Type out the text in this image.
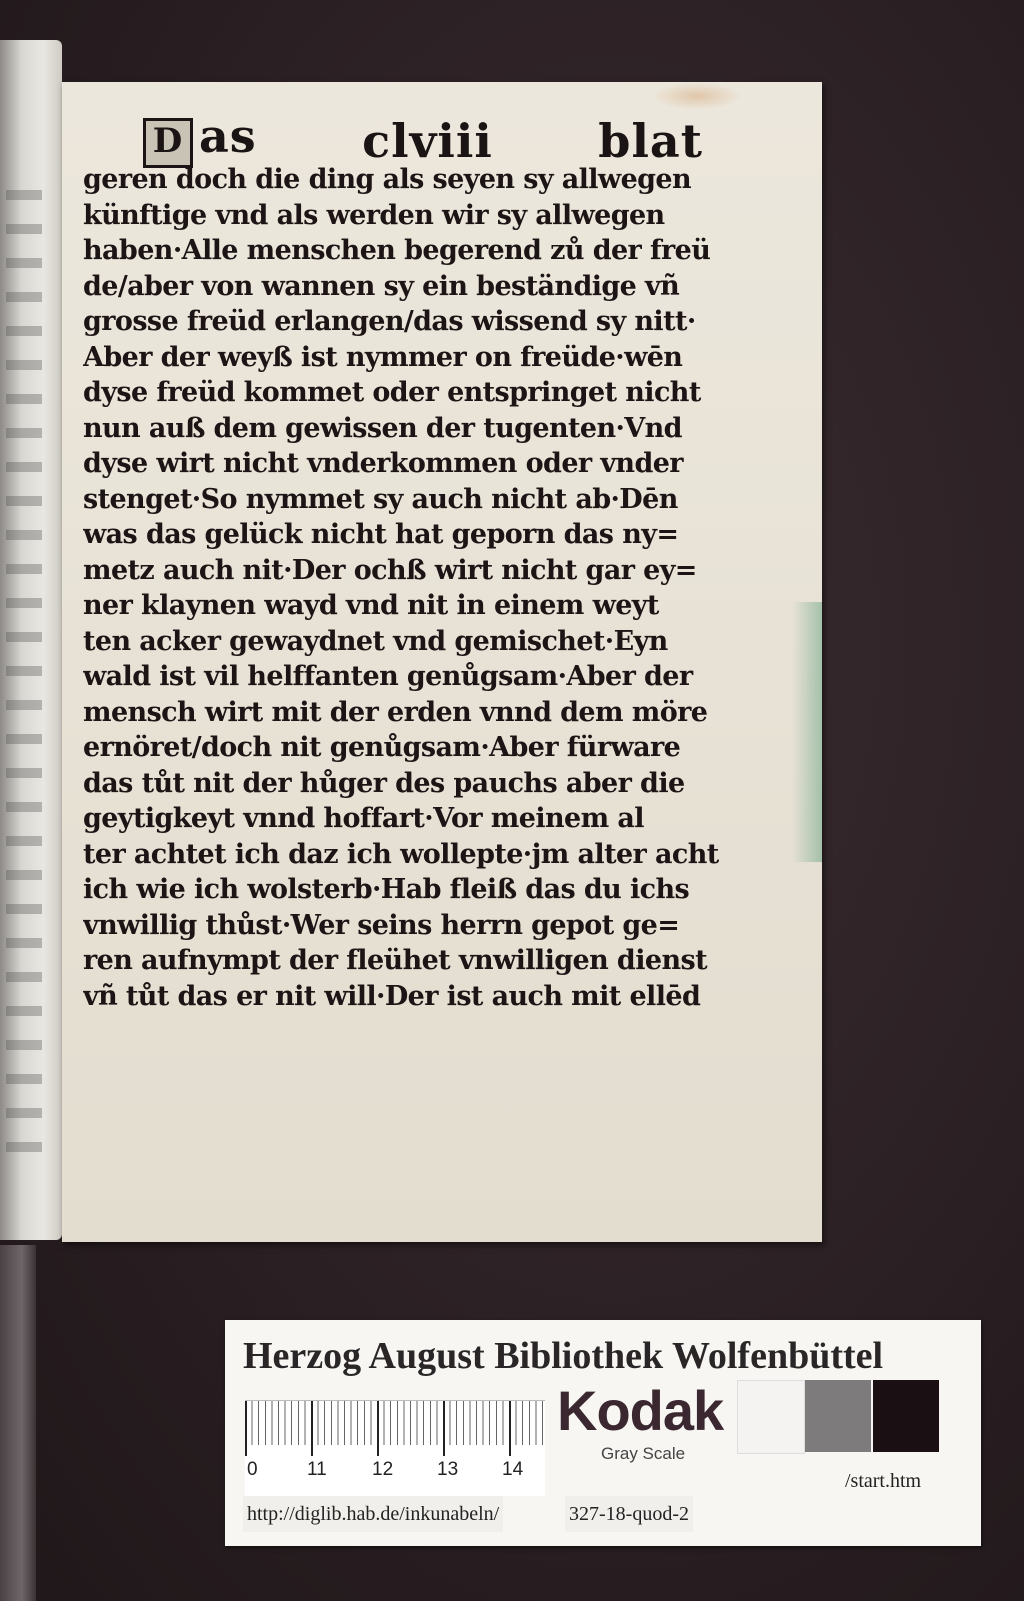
D as clviii blat
geren doch die ding als seyen sy allwegen
künftige vnd als werden wir sy allwegen
haben·Alle menschen begerend zů der freü
de/aber von wannen sy ein beständige vñ
grosse freüd erlangen/das wissend sy nitt·
Aber der weyß ist nymmer on freüde·wēn
dyse freüd kommet oder entspringet nicht
nun auß dem gewissen der tugenten·Vnd
dyse wirt nicht vnderkommen oder vnder
stenget·So nymmet sy auch nicht ab·Dēn
was das gelück nicht hat geporn das ny=
metz auch nit·Der ochß wirt nicht gar ey=
ner klaynen wayd vnd nit in einem weyt
ten acker gewaydnet vnd gemischet·Eyn
wald ist vil helffanten genůgsam·Aber der
mensch wirt mit der erden vnnd dem möre
ernöret/doch nit genůgsam·Aber fürware
das tůt nit der hůger des pauchs aber die
geytigkeyt vnnd hoffart·Vor meinem al
ter achtet ich daz ich wollepte·jm alter acht
ich wie ich wolsterb·Hab fleiß das du ichs
vnwillig thůst·Wer seins herrn gepot ge=
ren aufnympt der fleühet vnwilligen dienst
vñ tůt das er nit will·Der ist auch mit ellēd
Herzog August Bibliothek Wolfenbüttel
0	11 12 13 14
Kodak
Gray Scale
http://diglib.hab.de/inkunabeln/	327-18-quod-2
/start.htm
